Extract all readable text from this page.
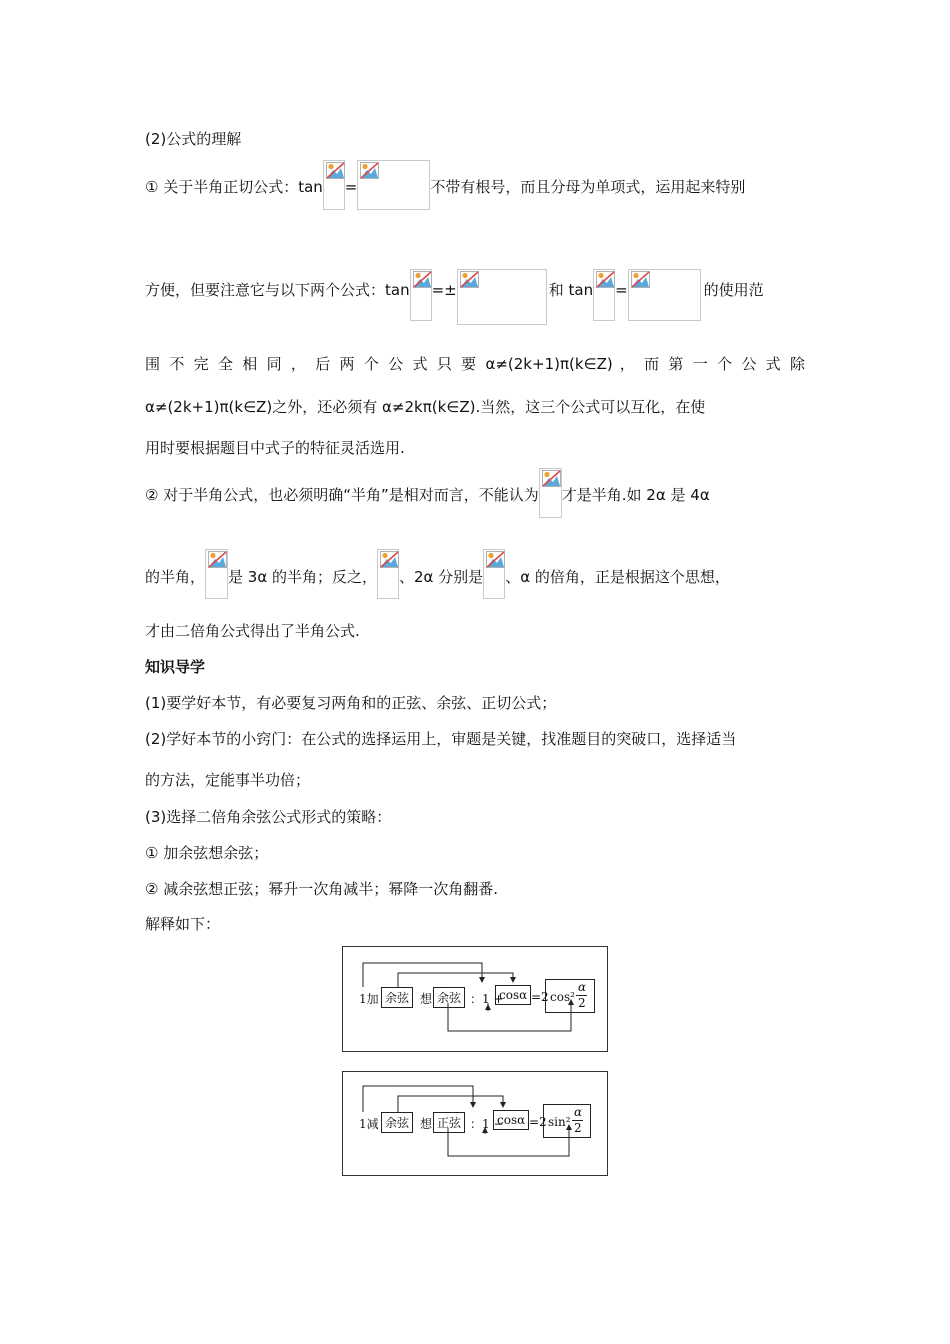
(2)公式的理解
① 关于半角正切公式：tan =	不带有根号，而且分母为单项式，运用起来特别
方便，但要注意它与以下两个公式：tan =±	和 tan =	的使用范
围 不 完 全 相 同 ， 后 两 个 公 式 只 要 α≠(2k+1)π(k∈Z) ， 而 第 一 个 公 式 除
α≠(2k+1)π(k∈Z)之外，还必须有 α≠2kπ(k∈Z).当然，这三个公式可以互化，在使
用时要根据题目中式子的特征灵活选用.
② 对于半角公式，也必须明确“半角”是相对而言，不能认为 才是半角.如 2α 是 4α
的半角， 是 3α 的半角；反之， 、2α 分别是 、α 的倍角，正是根据这个思想，
才由二倍角公式得出了半角公式.
知识导学
(1)要学好本节，有必要复习两角和的正弦、余弦、正切公式；
(2)学好本节的小窍门：在公式的选择运用上，审题是关键，找准题目的突破口，选择适当
的方法，定能事半功倍；
(3)选择二倍角余弦公式形式的策略：
① 加余弦想余弦；
② 减余弦想正弦；幂升一次角减半；幂降一次角翻番.
解释如下：
1加 余弦 想 余弦 ：1 +
cosα =2 cos²
α
2
1减 余弦 想 正弦 ：1 −
cosα =2 sin²
α
2
